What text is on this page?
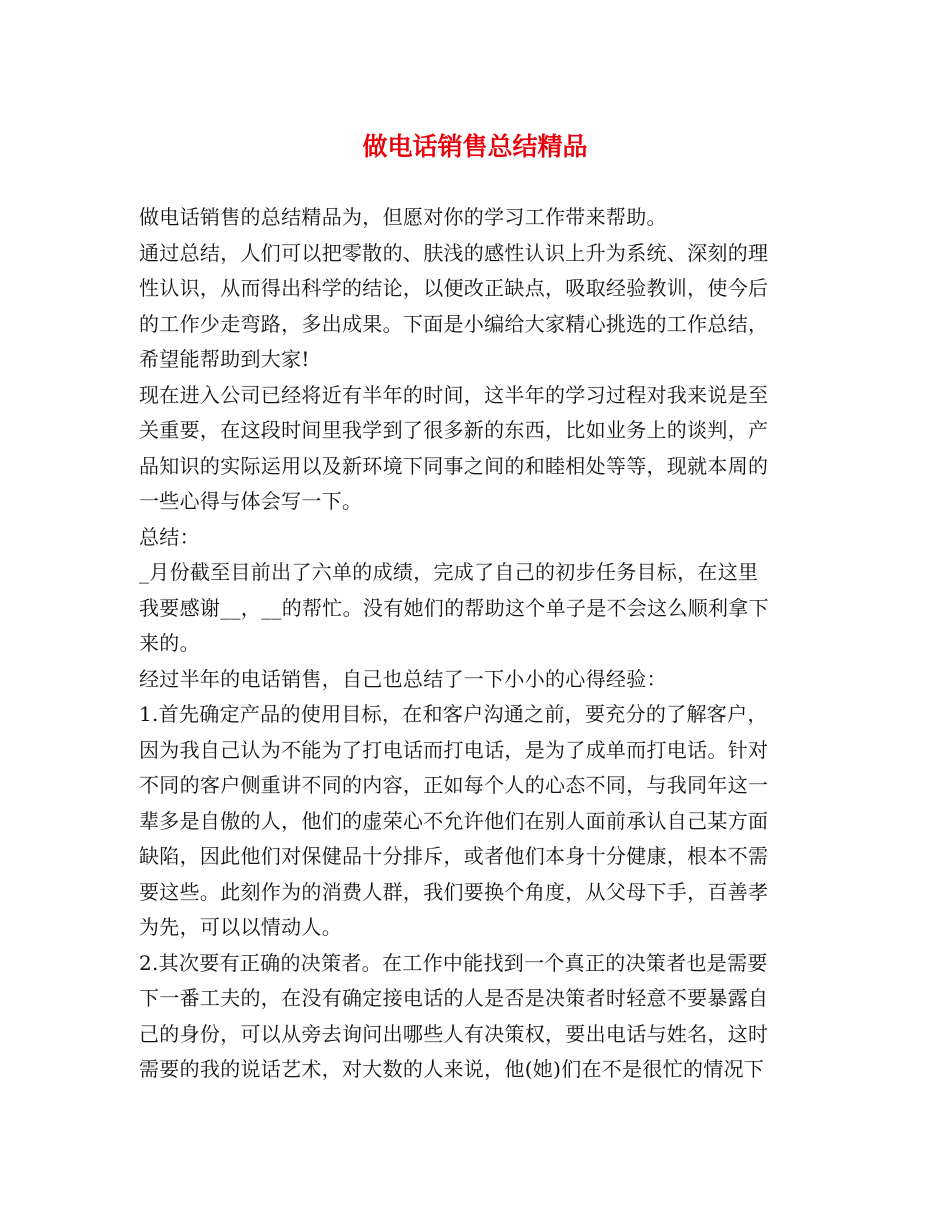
做电话销售总结精品
做电话销售的总结精品为，但愿对你的学习工作带来帮助。
通过总结，人们可以把零散的、肤浅的感性认识上升为系统、深刻的理
性认识，从而得出科学的结论，以便改正缺点，吸取经验教训，使今后
的工作少走弯路，多出成果。下面是小编给大家精心挑选的工作总结，
希望能帮助到大家!
现在进入公司已经将近有半年的时间，这半年的学习过程对我来说是至
关重要，在这段时间里我学到了很多新的东西，比如业务上的谈判，产
品知识的实际运用以及新环境下同事之间的和睦相处等等，现就本周的
一些心得与体会写一下。
总结：
_月份截至目前出了六单的成绩，完成了自己的初步任务目标，在这里
我要感谢__，__的帮忙。没有她们的帮助这个单子是不会这么顺利拿下
来的。
经过半年的电话销售，自己也总结了一下小小的心得经验：
1.首先确定产品的使用目标，在和客户沟通之前，要充分的了解客户，
因为我自己认为不能为了打电话而打电话，是为了成单而打电话。针对
不同的客户侧重讲不同的内容，正如每个人的心态不同，与我同年这一
辈多是自傲的人，他们的虚荣心不允许他们在别人面前承认自己某方面
缺陷，因此他们对保健品十分排斥，或者他们本身十分健康，根本不需
要这些。此刻作为的消费人群，我们要换个角度，从父母下手，百善孝
为先，可以以情动人。
2.其次要有正确的决策者。在工作中能找到一个真正的决策者也是需要
下一番工夫的，在没有确定接电话的人是否是决策者时轻意不要暴露自
己的身份，可以从旁去询问出哪些人有决策权，要出电话与姓名，这时
需要的我的说话艺术，对大数的人来说，他(她)们在不是很忙的情况下
